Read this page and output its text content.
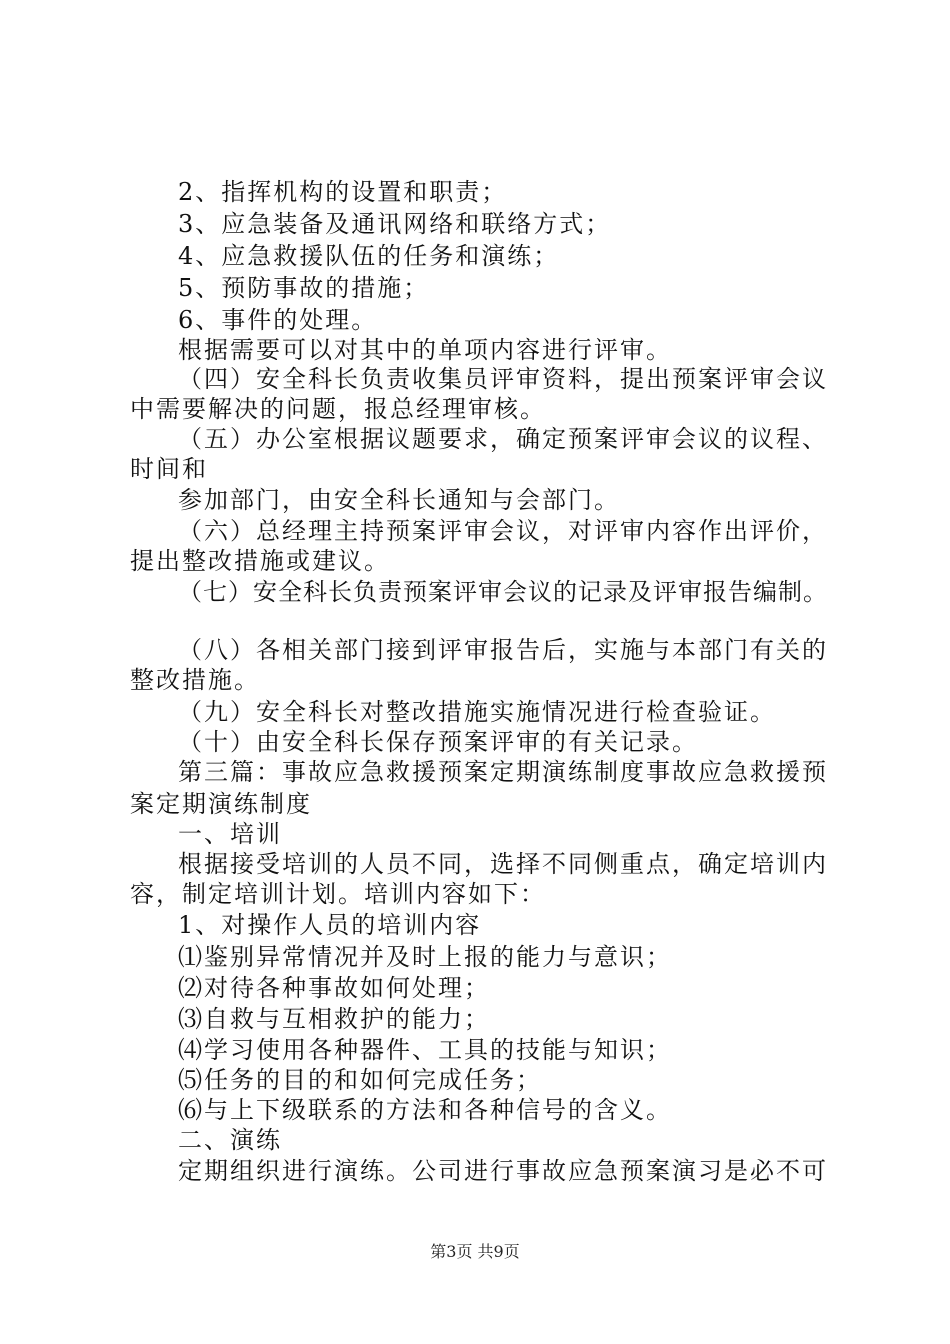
2、指挥机构的设置和职责；
3、应急装备及通讯网络和联络方式；
4、应急救援队伍的任务和演练；
5、预防事故的措施；
6、事件的处理。
根据需要可以对其中的单项内容进行评审。
（四）安全科长负责收集员评审资料，提出预案评审会议
中需要解决的问题，报总经理审核。
（五）办公室根据议题要求，确定预案评审会议的议程、
时间和
参加部门，由安全科长通知与会部门。
（六）总经理主持预案评审会议，对评审内容作出评价，
提出整改措施或建议。
（七）安全科长负责预案评审会议的记录及评审报告编制。
（八）各相关部门接到评审报告后，实施与本部门有关的
整改措施。
（九）安全科长对整改措施实施情况进行检查验证。
（十）由安全科长保存预案评审的有关记录。
第三篇：事故应急救援预案定期演练制度事故应急救援预
案定期演练制度
一、培训
根据接受培训的人员不同，选择不同侧重点，确定培训内
容，制定培训计划。培训内容如下：
1、对操作人员的培训内容
⑴鉴别异常情况并及时上报的能力与意识；
⑵对待各种事故如何处理；
⑶自救与互相救护的能力；
⑷学习使用各种器件、工具的技能与知识；
⑸任务的目的和如何完成任务；
⑹与上下级联系的方法和各种信号的含义。
二、演练
定期组织进行演练。公司进行事故应急预案演习是必不可
第3页 共9页
